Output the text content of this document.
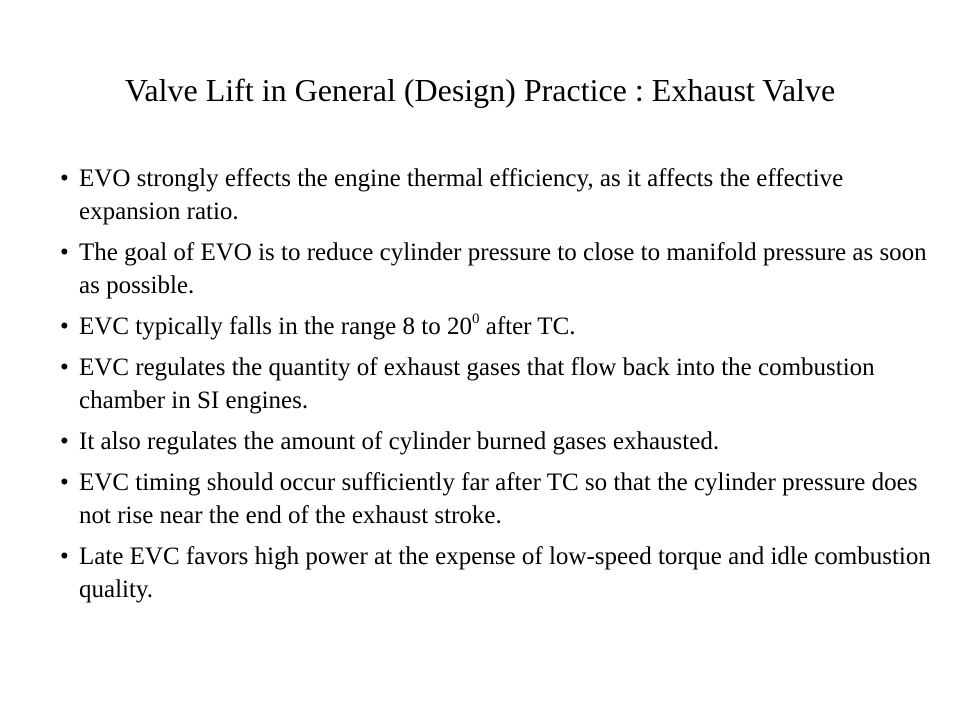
Valve Lift in General (Design) Practice : Exhaust Valve
• EVO strongly effects the engine thermal efficiency, as it affects the effective expansion ratio.
• The goal of EVO is to reduce cylinder pressure to close to manifold pressure as soon as possible.
• EVC typically falls in the range 8 to $20^0$ after TC.
• EVC regulates the quantity of exhaust gases that flow back into the combustion chamber in SI engines.
• It also regulates the amount of cylinder burned gases exhausted.
• EVC timing should occur sufficiently far after TC so that the cylinder pressure does not rise near the end of the exhaust stroke.
• Late EVC favors high power at the expense of low-speed torque and idle combustion quality.
